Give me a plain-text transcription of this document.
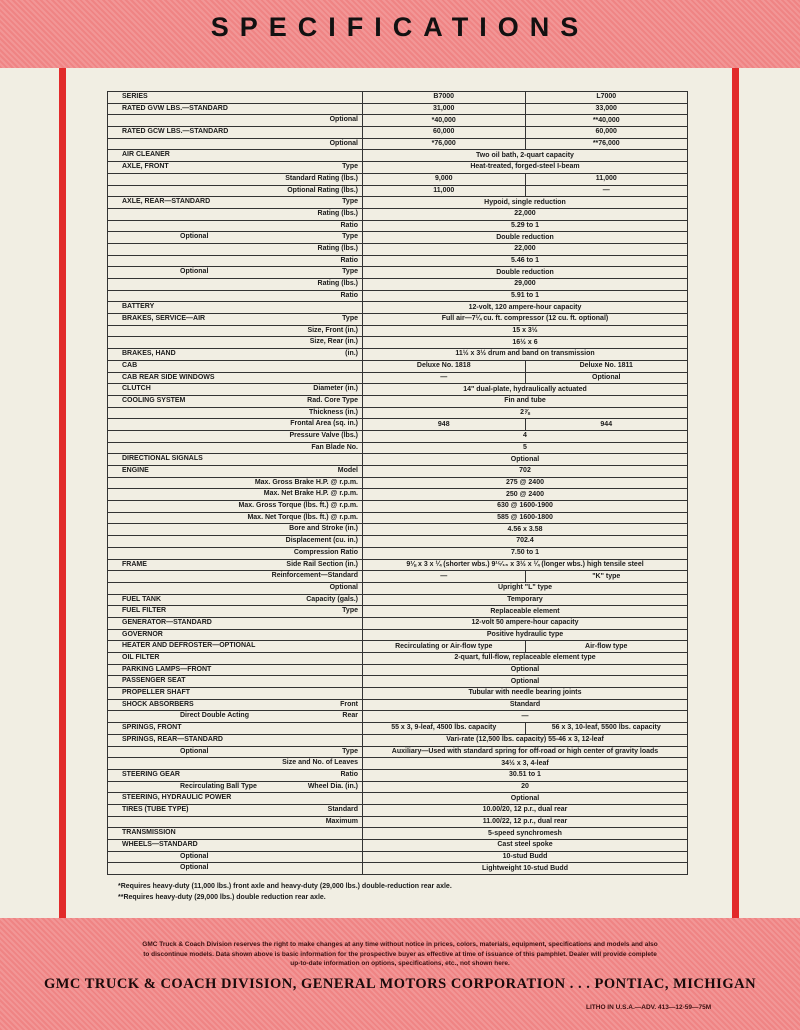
SPECIFICATIONS
SERIES	B7000	L7000

RATED GVW LBS.—STANDARD	31,000	33,000

Optional	*40,000	**40,000

RATED GCW LBS.—STANDARD	60,000	60,000

Optional	*76,000	**76,000

AIR CLEANER	Two oil bath, 2-quart capacity	

AXLE, FRONT Type	Heat-treated, forged-steel I-beam	

Standard Rating (lbs.)	9,000	11,000

Optional Rating (lbs.)	11,000	—

AXLE, REAR—STANDARD Type	Hypoid, single reduction	

Rating (lbs.)	22,000	

Ratio	5.29 to 1	

Optional Type	Double reduction	

Rating (lbs.)	22,000	

Ratio	5.46 to 1	

Optional Type	Double reduction	

Rating (lbs.)	29,000	

Ratio	5.91 to 1	

BATTERY	12-volt, 120 ampere-hour capacity	

BRAKES, SERVICE—AIR Type	Full air—7¼ cu. ft. compressor (12 cu. ft. optional)	

Size, Front (in.)	15 x 3½	

Size, Rear (in.)	16½ x 6	

BRAKES, HAND (in.)	11½ x 3½ drum and band on transmission	

CAB	Deluxe No. 1818	Deluxe No. 1811

CAB REAR SIDE WINDOWS	—	Optional

CLUTCH Diameter (in.)	14" dual-plate, hydraulically actuated	

COOLING SYSTEM Rad. Core Type	Fin and tube	

Thickness (in.)	2⅞	

Frontal Area (sq. in.)	948	944

Pressure Valve (lbs.)	4	

Fan Blade No.	5	

DIRECTIONAL SIGNALS	Optional	

ENGINE Model	702	

Max. Gross Brake H.P. @ r.p.m.	275 @ 2400	

Max. Net Brake H.P. @ r.p.m.	250 @ 2400	

Max. Gross Torque (lbs. ft.) @ r.p.m.	630 @ 1600-1900	

Max. Net Torque (lbs. ft.) @ r.p.m.	585 @ 1600-1800	

Bore and Stroke (in.)	4.56 x 3.58	

Displacement (cu. in.)	702.4	

Compression Ratio	7.50 to 1	

FRAME Side Rail Section (in.)	9⅛ x 3 x ¼ (shorter wbs.) 9¹⁵⁄₁₆ x 3½ x ¼ (longer wbs.) high tensile steel	

Reinforcement—Standard	—	"K" type

Optional	Upright "L" type	

FUEL TANK Capacity (gals.)	Temporary	

FUEL FILTER Type	Replaceable element	

GENERATOR—STANDARD	12-volt 50 ampere-hour capacity	

GOVERNOR	Positive hydraulic type	

HEATER AND DEFROSTER—OPTIONAL	Recirculating or Air-flow type	Air-flow type

OIL FILTER	2-quart, full-flow, replaceable element type	

PARKING LAMPS—FRONT	Optional	

PASSENGER SEAT	Optional	

PROPELLER SHAFT	Tubular with needle bearing joints	

SHOCK ABSORBERS Front	Standard	

Direct Double Acting Rear	—	

SPRINGS, FRONT	55 x 3, 9-leaf, 4500 lbs. capacity	56 x 3, 10-leaf, 5500 lbs. capacity

SPRINGS, REAR—STANDARD	Vari-rate (12,500 lbs. capacity) 55-46 x 3, 12-leaf	

Optional Type	Auxiliary—Used with standard spring for off-road or high center of gravity loads	

Size and No. of Leaves	34½ x 3, 4-leaf	

STEERING GEAR Ratio	30.51 to 1	

Recirculating Ball Type Wheel Dia. (in.)	20	

STEERING, HYDRAULIC POWER	Optional	

TIRES (TUBE TYPE) Standard	10.00/20, 12 p.r., dual rear	

Maximum	11.00/22, 12 p.r., dual rear	

TRANSMISSION	5-speed synchromesh	

WHEELS—STANDARD	Cast steel spoke	

Optional	10-stud Budd	

Optional	Lightweight 10-stud Budd	
*Requires heavy-duty (11,000 lbs.) front axle and heavy-duty (29,000 lbs.) double-reduction rear axle.
**Requires heavy-duty (29,000 lbs.) double reduction rear axle.
GMC Truck & Coach Division reserves the right to make changes at any time without notice in prices, colors, materials, equipment, specifications and models and also to discontinue models. Data shown above is basic information for the prospective buyer as effective at time of issuance of this pamphlet. Dealer will provide complete up-to-date information on options, specifications, etc., not shown here.
GMC TRUCK & COACH DIVISION, GENERAL MOTORS CORPORATION . . . PONTIAC, MICHIGAN
LITHO IN U.S.A.—ADV. 413—12-59—75M
